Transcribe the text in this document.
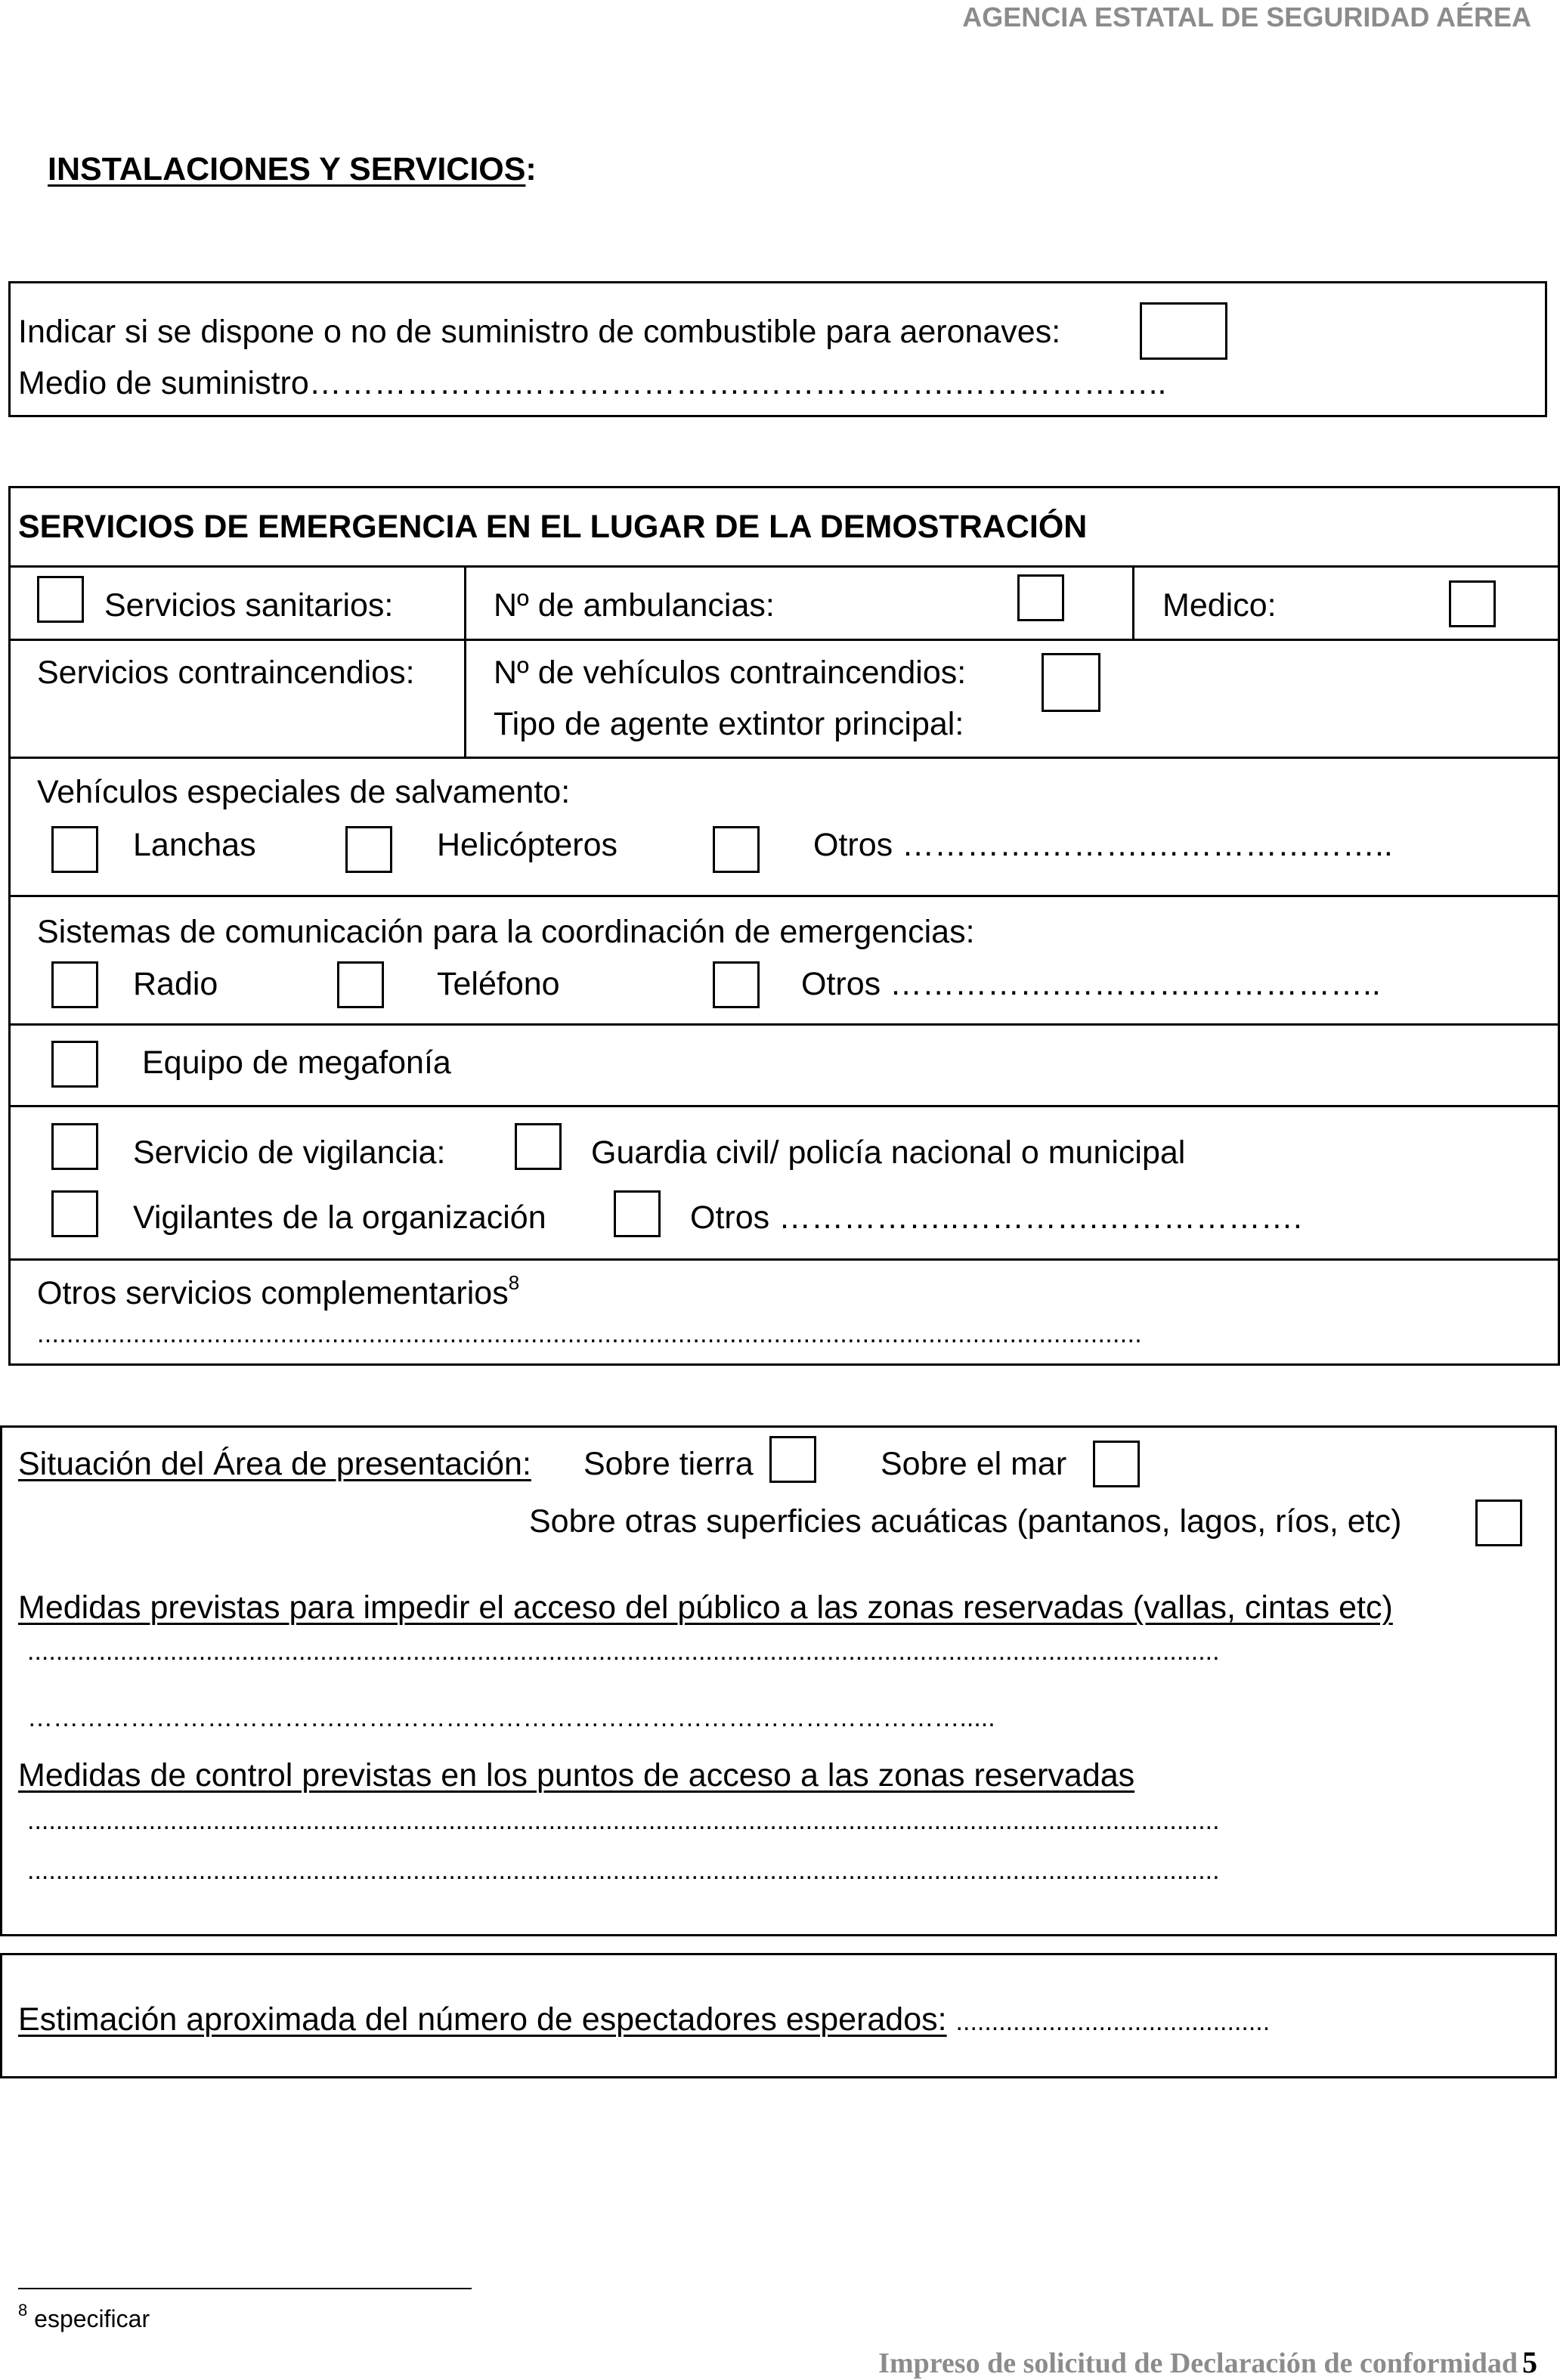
AGENCIA ESTATAL DE SEGURIDAD AÉREA
INSTALACIONES Y SERVICIOS:
Indicar si se dispone o no de suministro de combustible para aeronaves:
Medio de suministro……………….………………….……………….………………..
SERVICIOS DE EMERGENCIA EN EL LUGAR DE LA DEMOSTRACIÓN
Servicios sanitarios:	Nº de ambulancias:	Medico:
Servicios contraincendios: Nº de vehículos contraincendios:
Tipo de agente extintor principal:
Vehículos especiales de salvamento:
Lanchas	Helicópteros	Otros ………….……….…………………..
Sistemas de comunicación para la coordinación de emergencias:
Radio	Teléfono	Otros …………….………….……………..
Equipo de megafonía
Servicio de vigilancia:	Guardia civil/ policía nacional o municipal
Vigilantes de la organización	Otros ……………..………….……………….
Otros servicios complementarios$^8$
......................................................................................................................................................
Situación del Área de presentación: Sobre tierra	Sobre el mar
Sobre otras superficies acuáticas (pantanos, lagos, ríos, etc)
Medidas previstas para impedir el acceso del público a las zonas reservadas (vallas, cintas etc)
.......................................................................................................................................................................
……………………………….……………………………………………………………….....
Medidas de control previstas en los puntos de acceso a las zonas reservadas
.......................................................................................................................................................................
.......................................................................................................................................................................
Estimación aproximada del número de espectadores esperados: ............................................
$^8$ especificar
Impreso de solicitud de Declaración de conformidad 5
